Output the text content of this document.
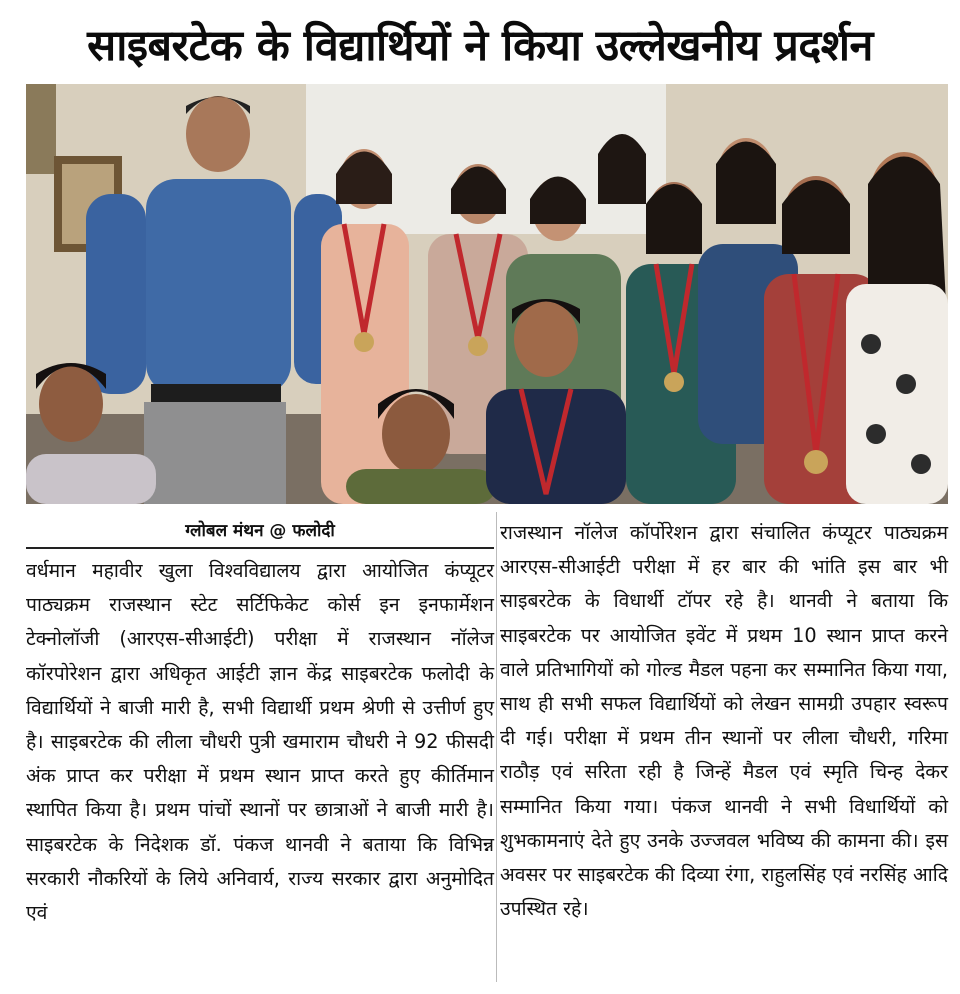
साइबरटेक के विद्यार्थियों ने किया उल्लेखनीय प्रदर्शन
ग्लोबल मंथन @ फलोदी

वर्धमान महावीर खुला विश्वविद्यालय द्वारा आयोजित कंप्यूटर पाठ्यक्रम राजस्थान स्टेट सर्टिफिकेट कोर्स इन इनफार्मेशन टेक्नोलॉजी (आरएस-सीआईटी) परीक्षा में राजस्थान नॉलेज कॉरपोरेशन द्वारा अधिकृत आईटी ज्ञान केंद्र साइबरटेक फलोदी के विद्यार्थियों ने बाजी मारी है, सभी विद्यार्थी प्रथम श्रेणी से उत्तीर्ण हुए है। साइबरटेक की लीला चौधरी पुत्री खमाराम चौधरी ने 92 फीसदी अंक प्राप्त कर परीक्षा में प्रथम स्थान प्राप्त करते हुए कीर्तिमान स्थापित किया है। प्रथम पांचों स्थानों पर छात्राओं ने बाजी मारी है। साइबरटेक के निदेशक डॉ. पंकज थानवी ने बताया कि विभिन्न सरकारी नौकरियों के लिये अनिवार्य, राज्य सरकार द्वारा अनुमोदित एवं

राजस्थान नॉलेज कॉर्पोरेशन द्वारा संचालित कंप्यूटर पाठ्यक्रम आरएस-सीआईटी परीक्षा में हर बार की भांति इस बार भी साइबरटेक के विधार्थी टॉपर रहे है। थानवी ने बताया कि साइबरटेक पर आयोजित इवेंट में प्रथम 10 स्थान प्राप्त करने वाले प्रतिभागियों को गोल्ड मैडल पहना कर सम्मानित किया गया, साथ ही सभी सफल विद्यार्थियों को लेखन सामग्री उपहार स्वरूप दी गई। परीक्षा में प्रथम तीन स्थानों पर लीला चौधरी, गरिमा राठौड़ एवं सरिता रही है जिन्हें मैडल एवं स्मृति चिन्ह देकर सम्मानित किया गया। पंकज थानवी ने सभी विधार्थियों को शुभकामनाएं देते हुए उनके उज्जवल भविष्य की कामना की। इस अवसर पर साइबरटेक की दिव्या रंगा, राहुलसिंह एवं नरसिंह आदि उपस्थित रहे।
